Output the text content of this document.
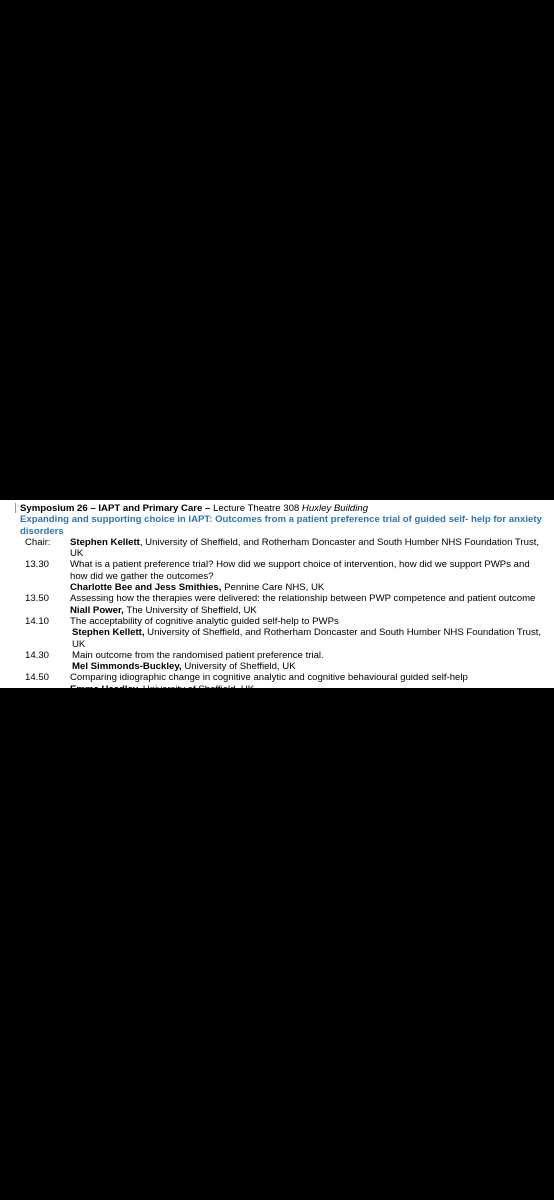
Symposium 26 – IAPT and Primary Care – Lecture Theatre 308 Huxley Building
Expanding and supporting choice in IAPT: Outcomes from a patient preference trial of guided self- help for anxiety disorders
Chair:	Stephen Kellett, University of Sheffield, and Rotherham Doncaster and South Humber NHS Foundation Trust, UK
13.30	What is a patient preference trial? How did we support choice of intervention, how did we support PWPs and how did we gather the outcomes?
Charlotte Bee and Jess Smithies, Pennine Care NHS, UK
13.50	Assessing how the therapies were delivered: the relationship between PWP competence and patient outcome
Niall Power, The University of Sheffield, UK
14.10	The acceptability of cognitive analytic guided self-help to PWPs
Stephen Kellett, University of Sheffield, and Rotherham Doncaster and South Humber NHS Foundation Trust, UK
14.30	Main outcome from the randomised patient preference trial.
Mel Simmonds-Buckley, University of Sheffield, UK
14.50	Comparing idiographic change in cognitive analytic and cognitive behavioural guided self-help
Emma Headley, University of Sheffield, UK
